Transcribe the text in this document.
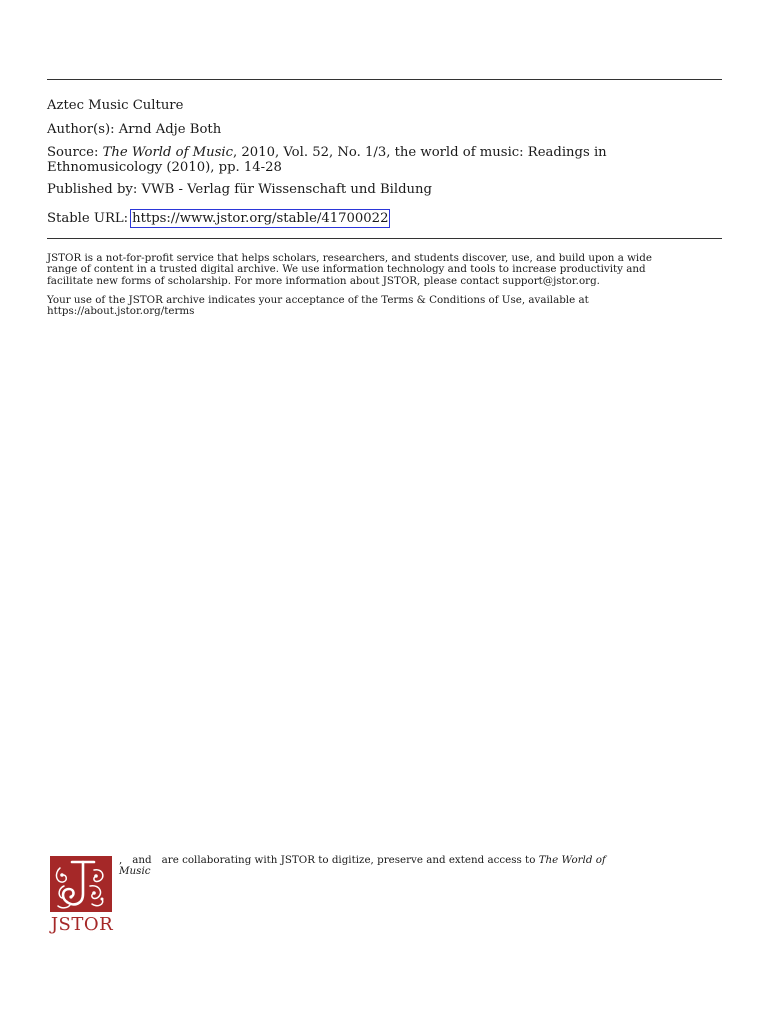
Aztec Music Culture
Author(s): Arnd Adje Both
Source: The World of Music, 2010, Vol. 52, No. 1/3, the world of music: Readings in
Ethnomusicology (2010), pp. 14-28
Published by: VWB - Verlag für Wissenschaft und Bildung
Stable URL: https://www.jstor.org/stable/41700022
JSTOR is a not-for-profit service that helps scholars, researchers, and students discover, use, and build upon a wide
range of content in a trusted digital archive. We use information technology and tools to increase productivity and
facilitate new forms of scholarship. For more information about JSTOR, please contact support@jstor.org.
Your use of the JSTOR archive indicates your acceptance of the Terms & Conditions of Use, available at
https://about.jstor.org/terms
JSTOR
, and are collaborating with JSTOR to digitize, preserve and extend access to The World of
Music
